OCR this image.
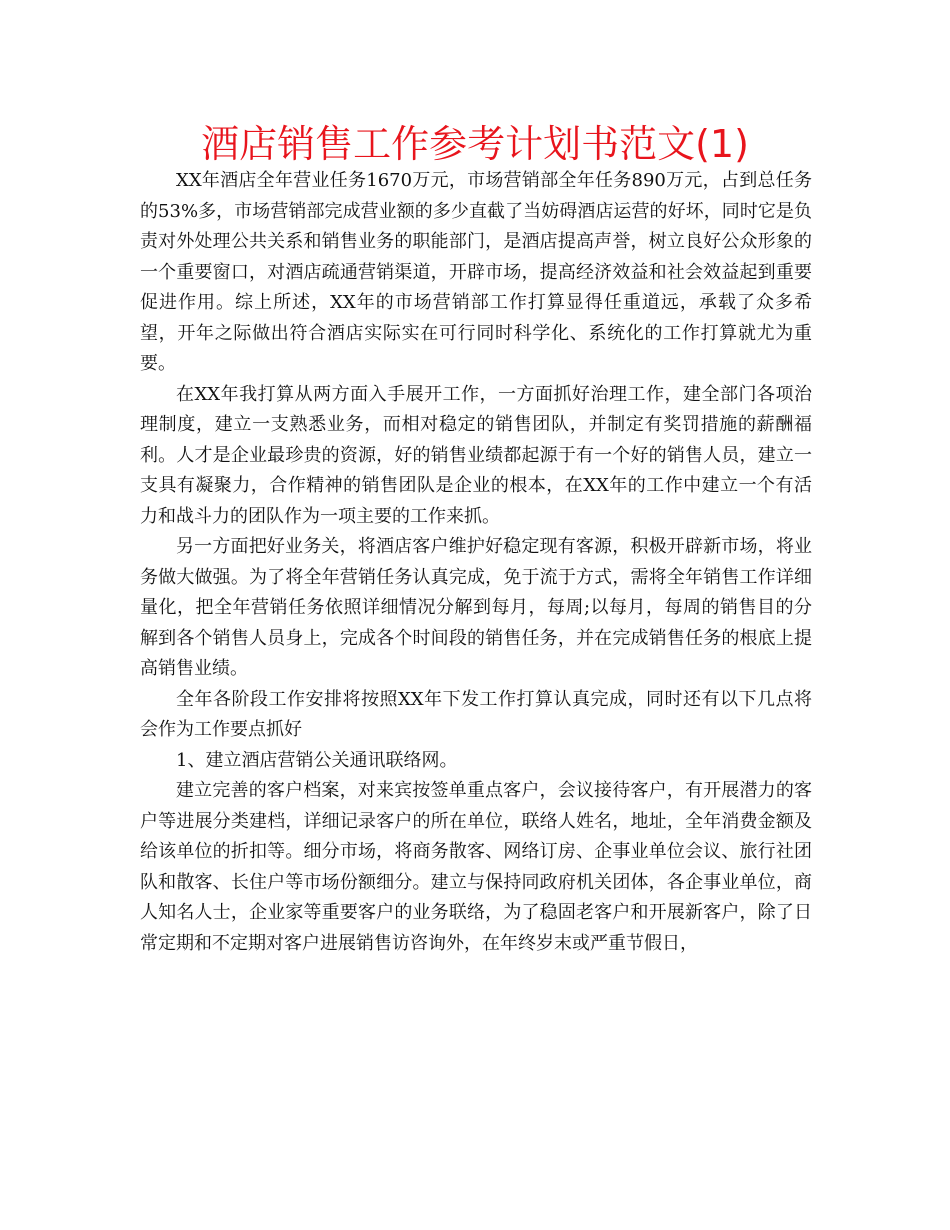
酒店销售工作参考计划书范文(1)

XX年酒店全年营业任务1670万元，市场营销部全年任务890万元，占到总任务的53%多，市场营销部完成营业额的多少直截了当妨碍酒店运营的好坏，同时它是负责对外处理公共关系和销售业务的职能部门，是酒店提高声誉，树立良好公众形象的一个重要窗口，对酒店疏通营销渠道，开辟市场，提高经济效益和社会效益起到重要促进作用。综上所述，XX年的市场营销部工作打算显得任重道远，承载了众多希望，开年之际做出符合酒店实际实在可行同时科学化、系统化的工作打算就尤为重要。

在XX年我打算从两方面入手展开工作，一方面抓好治理工作，建全部门各项治理制度，建立一支熟悉业务，而相对稳定的销售团队，并制定有奖罚措施的薪酬福利。人才是企业最珍贵的资源，好的销售业绩都起源于有一个好的销售人员，建立一支具有凝聚力，合作精神的销售团队是企业的根本，在XX年的工作中建立一个有活力和战斗力的团队作为一项主要的工作来抓。

另一方面把好业务关，将酒店客户维护好稳定现有客源，积极开辟新市场，将业务做大做强。为了将全年营销任务认真完成，免于流于方式，需将全年销售工作详细量化，把全年营销任务依照详细情况分解到每月，每周;以每月，每周的销售目的分解到各个销售人员身上，完成各个时间段的销售任务，并在完成销售任务的根底上提高销售业绩。

全年各阶段工作安排将按照XX年下发工作打算认真完成，同时还有以下几点将会作为工作要点抓好

1、建立酒店营销公关通讯联络网。

建立完善的客户档案，对来宾按签单重点客户，会议接待客户，有开展潜力的客户等进展分类建档，详细记录客户的所在单位，联络人姓名，地址，全年消费金额及给该单位的折扣等。细分市场，将商务散客、网络订房、企事业单位会议、旅行社团队和散客、长住户等市场份额细分。建立与保持同政府机关团体，各企事业单位，商人知名人士，企业家等重要客户的业务联络，为了稳固老客户和开展新客户，除了日常定期和不定期对客户进展销售访咨询外，在年终岁末或严重节假日，
